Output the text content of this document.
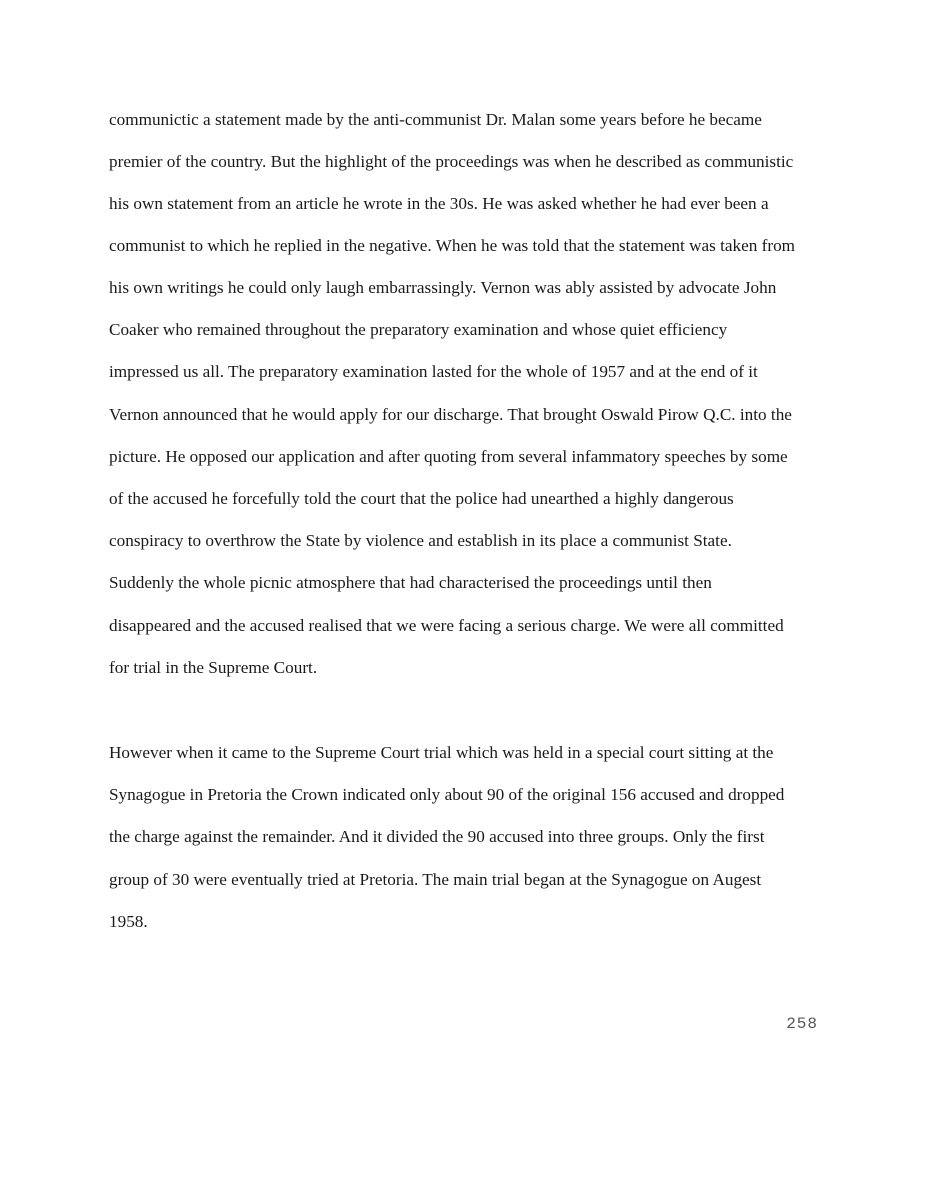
communictic a statement made by the anti-communist Dr. Malan some years before he became
premier of the country. But the highlight of the proceedings was when he described as communistic
his own statement from an article he wrote in the 30s. He was asked whether he had ever been a
communist to which he replied in the negative. When he was told that the statement was taken from
his own writings he could only laugh embarrassingly. Vernon was ably assisted by advocate John
Coaker who remained throughout the preparatory examination and whose quiet efficiency
impressed us all. The preparatory examination lasted for the whole of 1957 and at the end of it
Vernon announced that he would apply for our discharge. That brought Oswald Pirow Q.C. into the
picture. He opposed our application and after quoting from several infammatory speeches by some
of the accused he forcefully told the court that the police had unearthed a highly dangerous
conspiracy to overthrow the State by violence and establish in its place a communist State.
Suddenly the whole picnic atmosphere that had characterised the proceedings until then
disappeared and the accused realised that we were facing a serious charge. We were all committed
for trial in the Supreme Court.
However when it came to the Supreme Court trial which was held in a special court sitting at the
Synagogue in Pretoria the Crown indicated only about 90 of the original 156 accused and dropped
the charge against the remainder. And it divided the 90 accused into three groups. Only the first
group of 30 were eventually tried at Pretoria. The main trial began at the Synagogue on Augest
1958.
258
